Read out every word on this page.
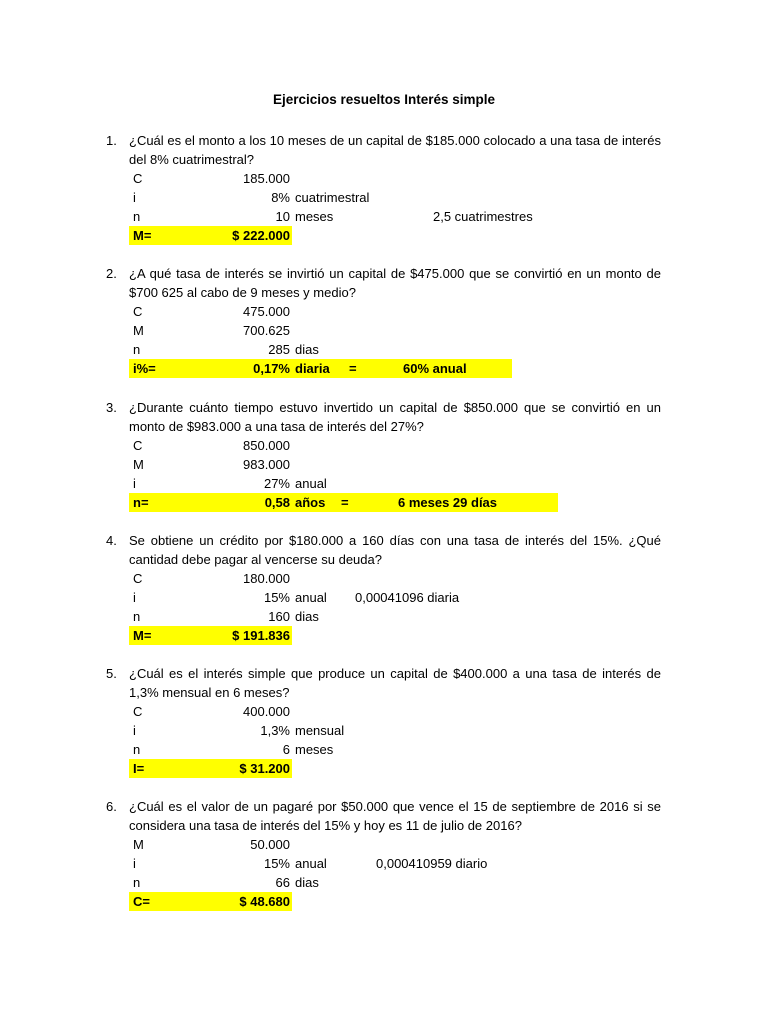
Ejercicios resueltos Interés simple
1. ¿Cuál es el monto a los 10 meses de un capital de $185.000 colocado a una tasa de interés del 8% cuatrimestral?
C	185.000
i	8% cuatrimestral
n	10 meses	2,5 cuatrimestres
M=	$ 222.000
2. ¿A qué tasa de interés se invirtió un capital de $475.000 que se convirtió en un monto de $700 625 al cabo de 9 meses y medio?
C	475.000
M	700.625
n	285 dias
i%=	0,17% diaria =	60% anual
3. ¿Durante cuánto tiempo estuvo invertido un capital de $850.000 que se convirtió en un monto de $983.000 a una tasa de interés del 27%?
C	850.000
M	983.000
i	27% anual
n=	0,58 años =	6 meses 29 días
4. Se obtiene un crédito por $180.000 a 160 días con una tasa de interés del 15%. ¿Qué cantidad debe pagar al vencerse su deuda?
C	180.000
i	15% anual 0,00041096 diaria
n	160 dias
M=	$ 191.836
5. ¿Cuál es el interés simple que produce un capital de $400.000 a una tasa de interés de 1,3% mensual en 6 meses?
C	400.000
i	1,3% mensual
n	6 meses
I=	$ 31.200
6. ¿Cuál es el valor de un pagaré por $50.000 que vence el 15 de septiembre de 2016 si se considera una tasa de interés del 15% y hoy es 11 de julio de 2016?
M	50.000
i	15% anual	0,000410959 diario
n	66 dias
C=	$ 48.680
